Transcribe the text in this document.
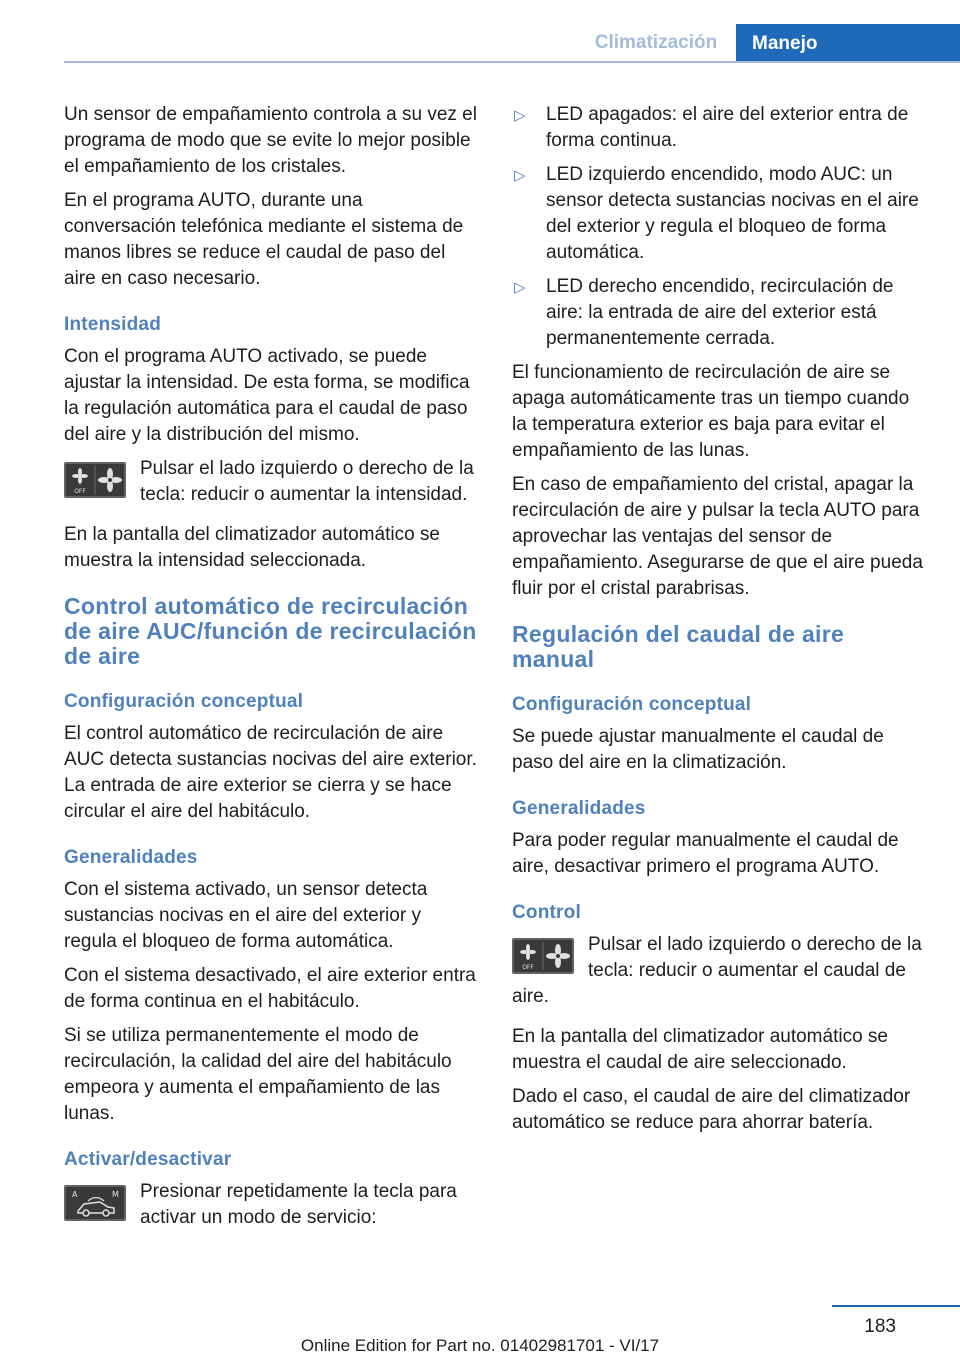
Climatización	Manejo

Un sensor de empañamiento controla a su vez el programa de modo que se evite lo mejor posible el empañamiento de los cristales.

En el programa AUTO, durante una conversación telefónica mediante el sistema de manos libres se reduce el caudal de paso del aire en caso necesario.

Intensidad

Con el programa AUTO activado, se puede ajustar la intensidad. De esta forma, se modifica la regulación automática para el caudal de paso del aire y la distribución del mismo.

OFF
Pulsar el lado izquierdo o derecho de la tecla: reducir o aumentar la intensidad.

En la pantalla del climatizador automático se muestra la intensidad seleccionada.

Control automático de recirculación de aire AUC/función de recirculación de aire
Configuración conceptual

El control automático de recirculación de aire AUC detecta sustancias nocivas del aire exterior. La entrada de aire exterior se cierra y se hace circular el aire del habitáculo.

Generalidades

Con el sistema activado, un sensor detecta sustancias nocivas en el aire del exterior y regula el bloqueo de forma automática.

Con el sistema desactivado, el aire exterior entra de forma continua en el habitáculo.

Si se utiliza permanentemente el modo de recirculación, la calidad del aire del habitáculo empeora y aumenta el empañamiento de las lunas.

Activar/desactivar
A	M Presionar repetidamente la tecla para activar un modo de servicio:
▷ LED apagados: el aire del exterior entra de forma continua.
▷ LED izquierdo encendido, modo AUC: un sensor detecta sustancias nocivas en el aire del exterior y regula el bloqueo de forma automática.
▷ LED derecho encendido, recirculación de aire: la entrada de aire del exterior está permanentemente cerrada.

El funcionamiento de recirculación de aire se apaga automáticamente tras un tiempo cuando la temperatura exterior es baja para evitar el empañamiento de las lunas.

En caso de empañamiento del cristal, apagar la recirculación de aire y pulsar la tecla AUTO para aprovechar las ventajas del sensor de empañamiento. Asegurarse de que el aire pueda fluir por el cristal parabrisas.

Regulación del caudal de aire manual
Configuración conceptual

Se puede ajustar manualmente el caudal de paso del aire en la climatización.

Generalidades

Para poder regular manualmente el caudal de aire, desactivar primero el programa AUTO.

Control
OFF
Pulsar el lado izquierdo o derecho de la tecla: reducir o aumentar el caudal de aire.

En la pantalla del climatizador automático se muestra el caudal de aire seleccionado.

Dado el caso, el caudal de aire del climatizador automático se reduce para ahorrar batería.

183
Online Edition for Part no. 01402981701 - VI/17
